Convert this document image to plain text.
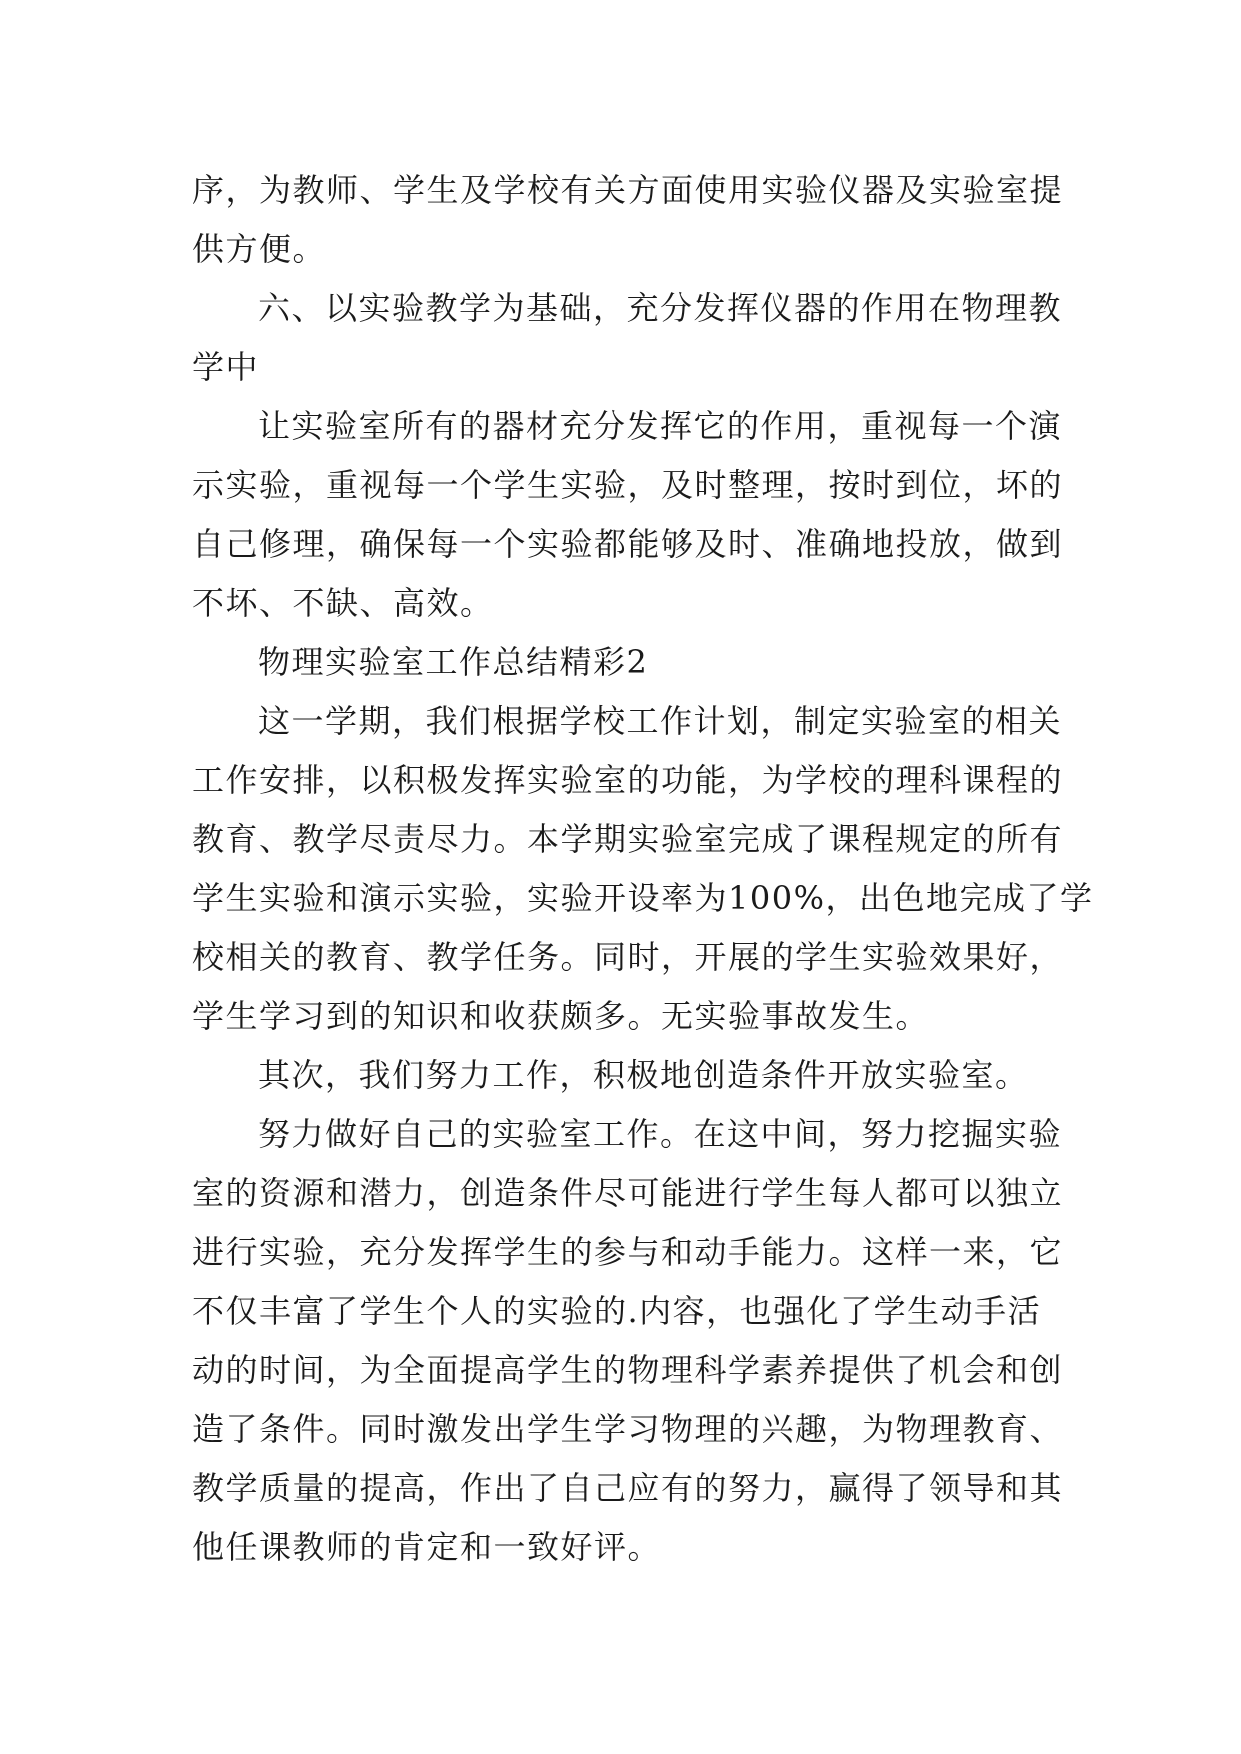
序，为教师、学生及学校有关方面使用实验仪器及实验室提
供方便。
六、以实验教学为基础，充分发挥仪器的作用在物理教
学中
让实验室所有的器材充分发挥它的作用，重视每一个演
示实验，重视每一个学生实验，及时整理，按时到位，坏的
自己修理，确保每一个实验都能够及时、准确地投放，做到
不坏、不缺、高效。
物理实验室工作总结精彩2
这一学期，我们根据学校工作计划，制定实验室的相关
工作安排，以积极发挥实验室的功能，为学校的理科课程的
教育、教学尽责尽力。本学期实验室完成了课程规定的所有
学生实验和演示实验，实验开设率为100%，出色地完成了学
校相关的教育、教学任务。同时，开展的学生实验效果好，
学生学习到的知识和收获颇多。无实验事故发生。
其次，我们努力工作，积极地创造条件开放实验室。
努力做好自己的实验室工作。在这中间，努力挖掘实验
室的资源和潜力，创造条件尽可能进行学生每人都可以独立
进行实验，充分发挥学生的参与和动手能力。这样一来，它
不仅丰富了学生个人的实验的.内容，也强化了学生动手活
动的时间，为全面提高学生的物理科学素养提供了机会和创
造了条件。同时激发出学生学习物理的兴趣，为物理教育、
教学质量的提高，作出了自己应有的努力，赢得了领导和其
他任课教师的肯定和一致好评。
